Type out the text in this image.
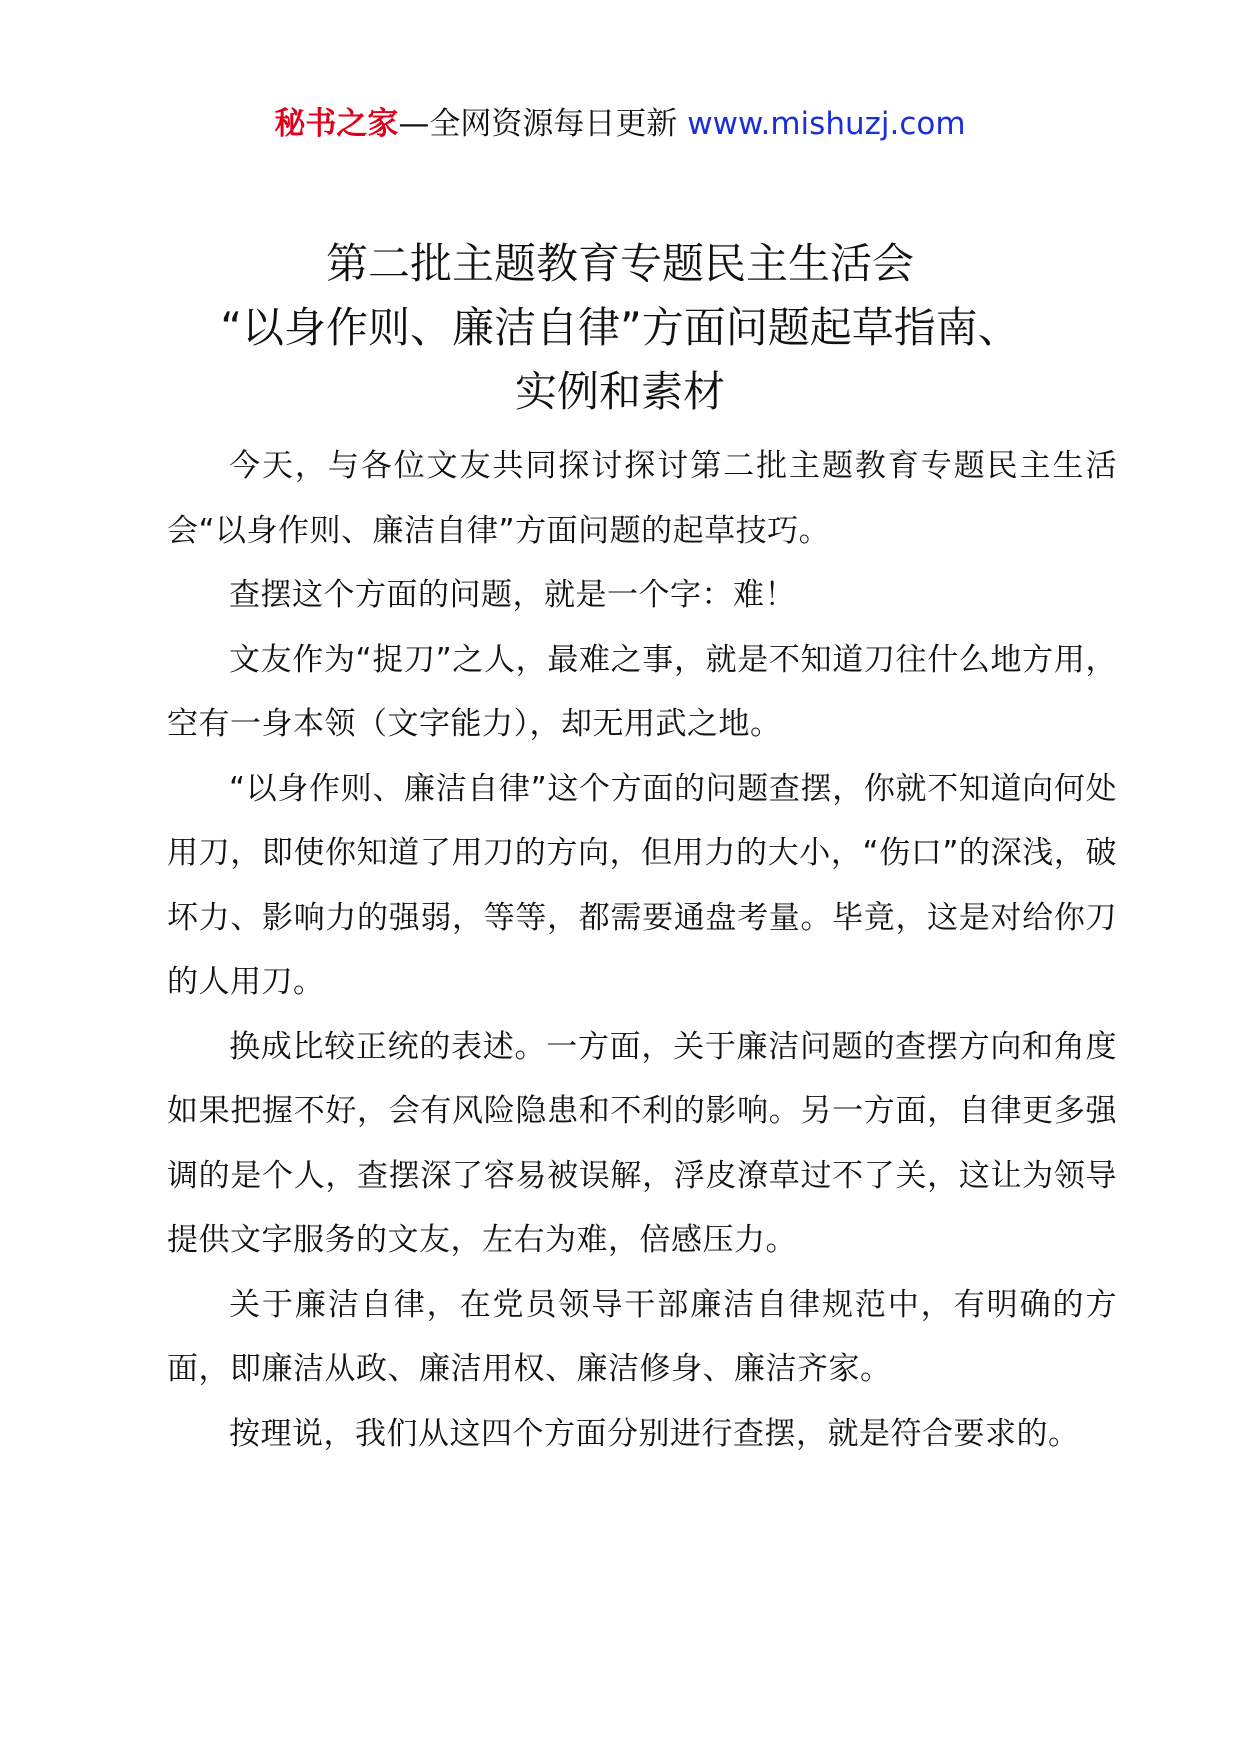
秘书之家—全网资源每日更新 www.mishuzj.com
第二批主题教育专题民主生活会
“以身作则、廉洁自律”方面问题起草指南、
实例和素材

今天，与各位文友共同探讨探讨第二批主题教育专题民主生活会“以身作则、廉洁自律”方面问题的起草技巧。

查摆这个方面的问题，就是一个字：难！

文友作为“捉刀”之人，最难之事，就是不知道刀往什么地方用，空有一身本领（文字能力），却无用武之地。

“以身作则、廉洁自律”这个方面的问题查摆，你就不知道向何处用刀，即使你知道了用刀的方向，但用力的大小，“伤口”的深浅，破坏力、影响力的强弱，等等，都需要通盘考量。毕竟，这是对给你刀的人用刀。

换成比较正统的表述。一方面，关于廉洁问题的查摆方向和角度如果把握不好，会有风险隐患和不利的影响。另一方面，自律更多强调的是个人，查摆深了容易被误解，浮皮潦草过不了关，这让为领导提供文字服务的文友，左右为难，倍感压力。

关于廉洁自律，在党员领导干部廉洁自律规范中，有明确的方面，即廉洁从政、廉洁用权、廉洁修身、廉洁齐家。

按理说，我们从这四个方面分别进行查摆，就是符合要求的。
